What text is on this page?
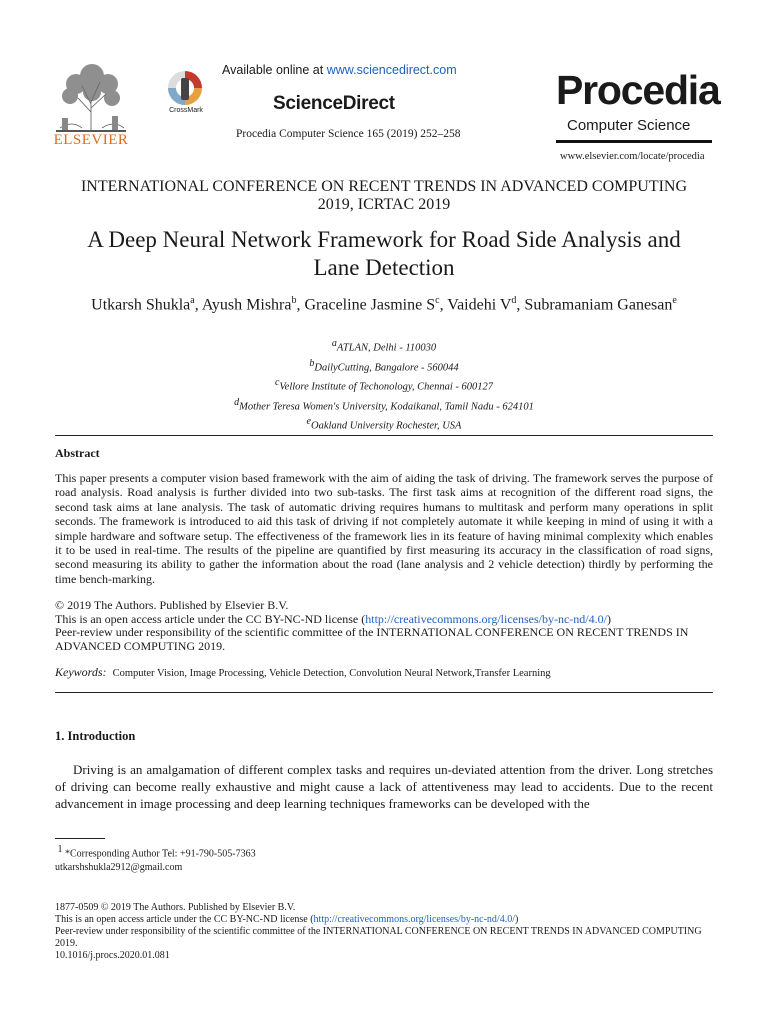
ELSEVIER
CrossMark
Available online at www.sciencedirect.com
ScienceDirect
Procedia Computer Science 165 (2019) 252–258
Procedia
Computer Science
www.elsevier.com/locate/procedia
INTERNATIONAL CONFERENCE ON RECENT TRENDS IN ADVANCED COMPUTING
2019, ICRTAC 2019
A Deep Neural Network Framework for Road Side Analysis and
Lane Detection
Utkarsh Shukla$^a$, Ayush Mishra$^b$, Graceline Jasmine $S^c$, Vaidehi $V^d$, Subramaniam Ganesan$^e$
$^a$ATLAN, Delhi - 110030
$^b$DailyCutting, Bangalore - 560044
$^c$Vellore Institute of Techonology, Chennai - 600127
$^d$Mother Teresa Women's University, Kodaikanal, Tamil Nadu - 624101
$^e$Oakland University Rochester, USA
Abstract
This paper presents a computer vision based framework with the aim of aiding the task of driving. The framework serves the purpose of road analysis. Road analysis is further divided into two sub-tasks. The first task aims at recognition of the different road signs, the second task aims at lane analysis. The task of automatic driving requires humans to multitask and perform many operations in split seconds. The framework is introduced to aid this task of driving if not completely automate it while keeping in mind of using it with a simple hardware and software setup. The effectiveness of the framework lies in its feature of having minimal complexity which enables it to be used in real-time. The results of the pipeline are quantified by first measuring its accuracy in the classification of road signs, second measuring its ability to gather the information about the road (lane analysis and 2 vehicle detection) thirdly by performing the time bench-marking.
© 2019 The Authors. Published by Elsevier B.V.
This is an open access article under the CC BY-NC-ND license (http://creativecommons.org/licenses/by-nc-nd/4.0/)
Peer-review under responsibility of the scientific committee of the INTERNATIONAL CONFERENCE ON RECENT TRENDS IN ADVANCED COMPUTING 2019.
Keywords: Computer Vision, Image Processing, Vehicle Detection, Convolution Neural Network,Transfer Learning
1. Introduction
Driving is an amalgamation of different complex tasks and requires un-deviated attention from the driver. Long stretches of driving can become really exhaustive and might cause a lack of attentiveness may lead to accidents. Due to the recent advancement in image processing and deep learning techniques frameworks can be developed with the
$^1$ *Corresponding Author Tel: +91-790-505-7363
utkarshshukla2912@gmail.com
1877-0509 © 2019 The Authors. Published by Elsevier B.V.
This is an open access article under the CC BY-NC-ND license (http://creativecommons.org/licenses/by-nc-nd/4.0/)
Peer-review under responsibility of the scientific committee of the INTERNATIONAL CONFERENCE ON RECENT TRENDS IN ADVANCED COMPUTING 2019.
10.1016/j.procs.2020.01.081
